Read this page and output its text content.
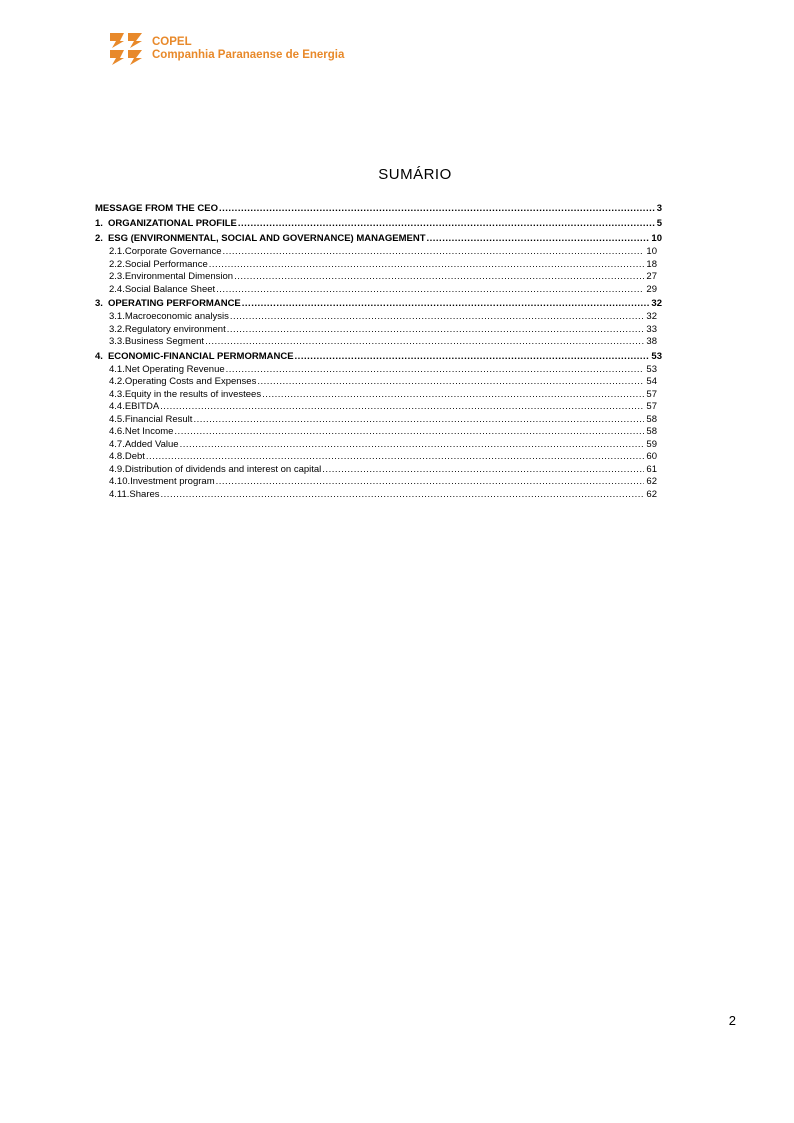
COPEL
Companhia Paranaense de Energia
SUMÁRIO
MESSAGE FROM THE CEO .....	3
1. ORGANIZATIONAL PROFILE .....	5
2. ESG (ENVIRONMENTAL, SOCIAL AND GOVERNANCE) MANAGEMENT .....	10
2.1.Corporate Governance .....	10
2.2.Social Performance .....	18
2.3.Environmental Dimension .....	27
2.4.Social Balance Sheet .....	29
3. OPERATING PERFORMANCE .....	32
3.1.Macroeconomic analysis .....	32
3.2.Regulatory environment .....	33
3.3.Business Segment .....	38
4. ECONOMIC-FINANCIAL PERMORMANCE .....	53
4.1.Net Operating Revenue .....	53
4.2.Operating Costs and Expenses .....	54
4.3.Equity in the results of investees .....	57
4.4.EBITDA .....	57
4.5.Financial Result .....	58
4.6.Net Income .....	58
4.7.Added Value .....	59
4.8.Debt .....	60
4.9.Distribution of dividends and interest on capital .....	61
4.10.Investment program .....	62
4.11.Shares .....	62
2
